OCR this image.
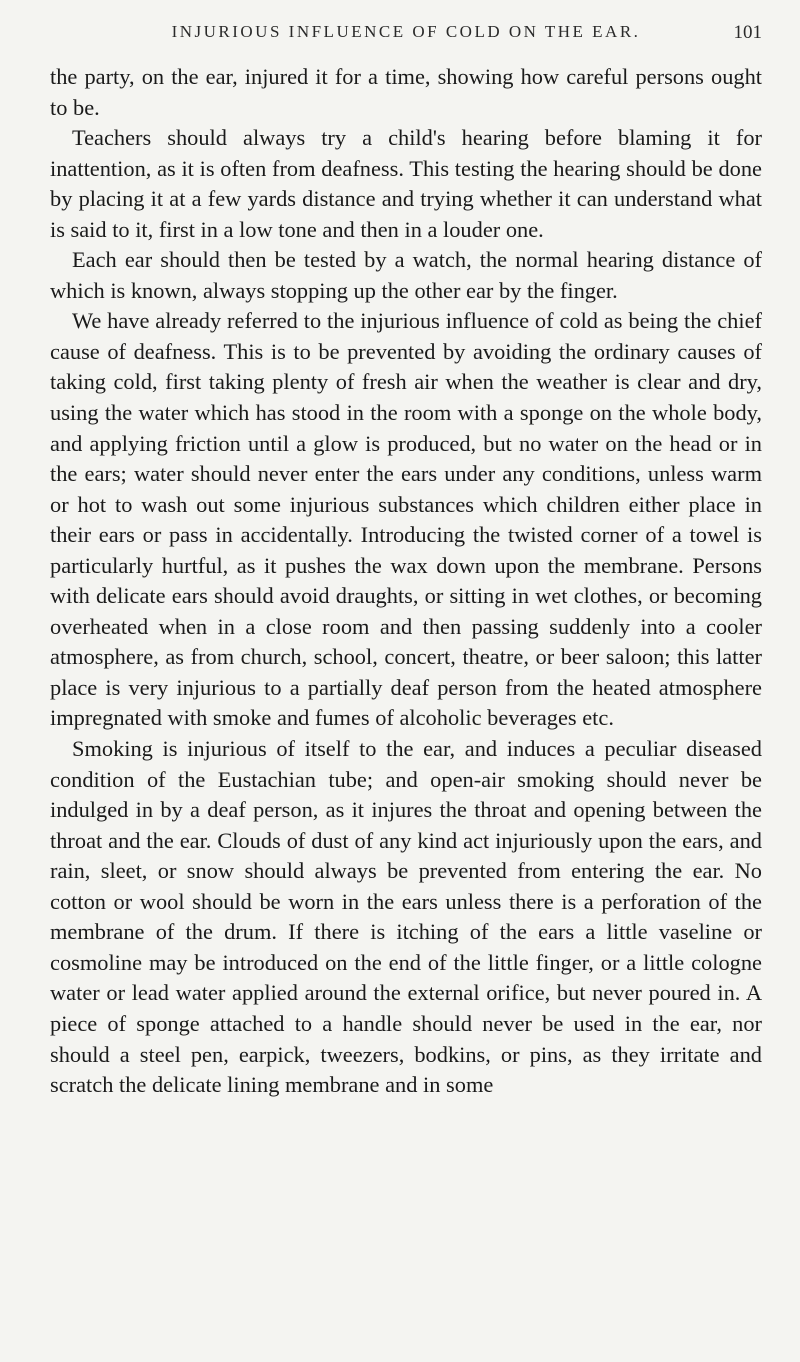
INJURIOUS INFLUENCE OF COLD ON THE EAR.	101

the party, on the ear, injured it for a time, showing how careful persons ought to be.

Teachers should always try a child's hearing before blaming it for inattention, as it is often from deafness. This testing the hearing should be done by placing it at a few yards distance and trying whether it can understand what is said to it, first in a low tone and then in a louder one.

Each ear should then be tested by a watch, the normal hearing distance of which is known, always stopping up the other ear by the finger.

We have already referred to the injurious influence of cold as being the chief cause of deafness. This is to be prevented by avoiding the ordinary causes of taking cold, first taking plenty of fresh air when the weather is clear and dry, using the water which has stood in the room with a sponge on the whole body, and applying friction until a glow is produced, but no water on the head or in the ears; water should never enter the ears under any conditions, unless warm or hot to wash out some injurious substances which children either place in their ears or pass in accidentally. Introducing the twisted corner of a towel is particularly hurtful, as it pushes the wax down upon the membrane. Persons with delicate ears should avoid draughts, or sitting in wet clothes, or becoming overheated when in a close room and then passing suddenly into a cooler atmosphere, as from church, school, concert, theatre, or beer saloon; this latter place is very injurious to a partially deaf person from the heated atmosphere impregnated with smoke and fumes of alcoholic beverages etc.

Smoking is injurious of itself to the ear, and induces a peculiar diseased condition of the Eustachian tube; and open-air smoking should never be indulged in by a deaf person, as it injures the throat and opening between the throat and the ear. Clouds of dust of any kind act injuriously upon the ears, and rain, sleet, or snow should always be prevented from entering the ear. No cotton or wool should be worn in the ears unless there is a perforation of the membrane of the drum. If there is itching of the ears a little vaseline or cosmoline may be introduced on the end of the little finger, or a little cologne water or lead water applied around the external orifice, but never poured in. A piece of sponge attached to a handle should never be used in the ear, nor should a steel pen, earpick, tweezers, bodkins, or pins, as they irritate and scratch the delicate lining membrane and in some
